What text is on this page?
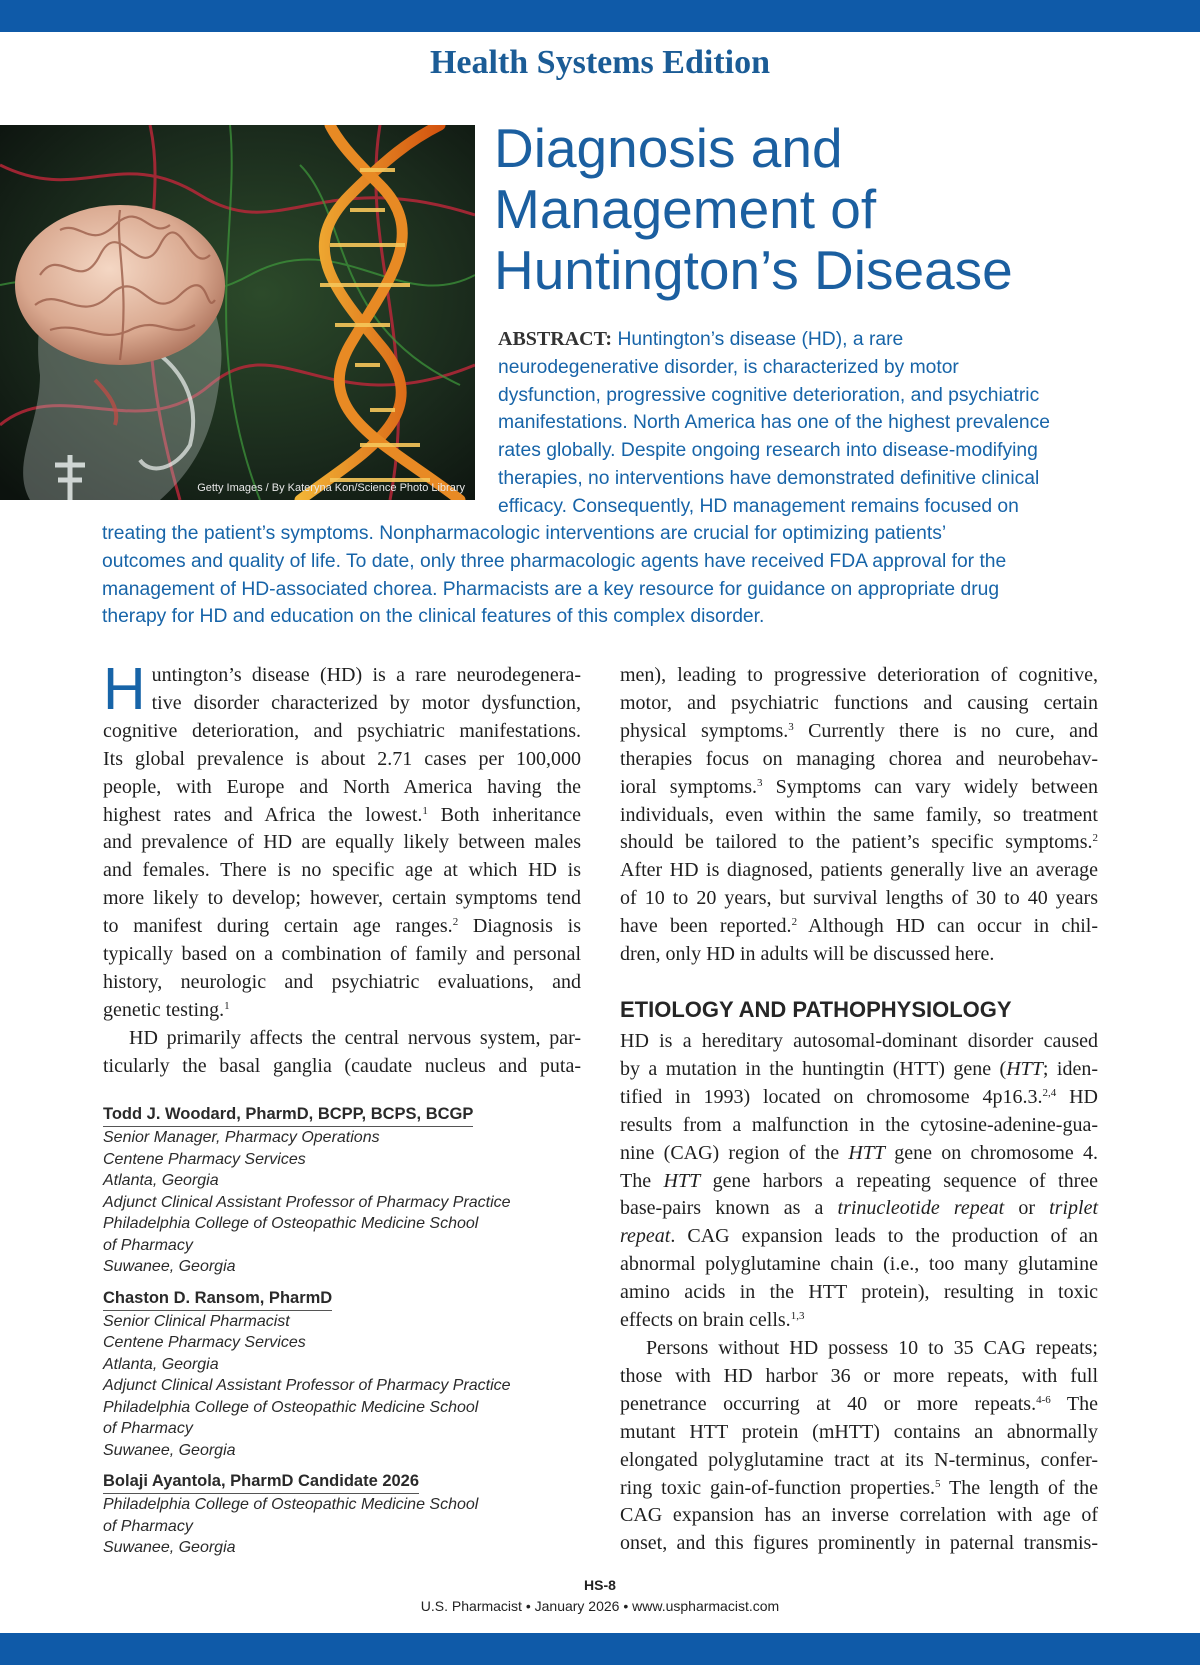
Health Systems Edition
Getty Images / By Kateryna Kon/Science Photo Library
Diagnosis and
Management of
Huntington’s Disease
ABSTRACT: Huntington’s disease (HD), a rare
neurodegenerative disorder, is characterized by motor
dysfunction, progressive cognitive deterioration, and psychiatric
manifestations. North America has one of the highest prevalence
rates globally. Despite ongoing research into disease-modifying
therapies, no interventions have demonstrated definitive clinical
efficacy. Consequently, HD management remains focused on
treating the patient’s symptoms. Nonpharmacologic interventions are crucial for optimizing patients’
outcomes and quality of life. To date, only three pharmacologic agents have received FDA approval for the
management of HD-associated chorea. Pharmacists are a key resource for guidance on appropriate drug
therapy for HD and education on the clinical features of this complex disorder.
H untington’s disease (HD) is a rare neurodegenera-
tive disorder characterized by motor dysfunction,
cognitive deterioration, and psychiatric manifestations.
Its global prevalence is about 2.71 cases per 100,000
people, with Europe and North America having the
highest rates and Africa the lowest.$^1$ Both inheritance
and prevalence of HD are equally likely between males
and females. There is no specific age at which HD is
more likely to develop; however, certain symptoms tend
to manifest during certain age ranges.$^2$ Diagnosis is
typically based on a combination of family and personal
history, neurologic and psychiatric evaluations, and
genetic testing.$^1$
HD primarily affects the central nervous system, par-
ticularly the basal ganglia (caudate nucleus and puta-
men), leading to progressive deterioration of cognitive,
motor, and psychiatric functions and causing certain
physical symptoms.$^3$ Currently there is no cure, and
therapies focus on managing chorea and neurobehav-
ioral symptoms.$^3$ Symptoms can vary widely between
individuals, even within the same family, so treatment
should be tailored to the patient’s specific symptoms.$^2$
After HD is diagnosed, patients generally live an average
of 10 to 20 years, but survival lengths of 30 to 40 years
have been reported.$^2$ Although HD can occur in chil-
dren, only HD in adults will be discussed here.
ETIOLOGY AND PATHOPHYSIOLOGY
HD is a hereditary autosomal-dominant disorder caused
by a mutation in the huntingtin (HTT) gene (HTT; iden-
tified in 1993) located on chromosome 4p16.3.$^{2,4}$ HD
results from a malfunction in the cytosine-adenine-gua-
nine (CAG) region of the HTT gene on chromosome 4.
The HTT gene harbors a repeating sequence of three
base-pairs known as a trinucleotide repeat or triplet
repeat. CAG expansion leads to the production of an
abnormal polyglutamine chain (i.e., too many glutamine
amino acids in the HTT protein), resulting in toxic
effects on brain cells.$^{1,3}$
Persons without HD possess 10 to 35 CAG repeats;
those with HD harbor 36 or more repeats, with full
penetrance occurring at 40 or more repeats.$^{4-6}$ The
mutant HTT protein (mHTT) contains an abnormally
elongated polyglutamine tract at its N-terminus, confer-
ring toxic gain-of-function properties.$^5$ The length of the
CAG expansion has an inverse correlation with age of
onset, and this figures prominently in paternal transmis-
Todd J. Woodard, PharmD, BCPP, BCPS, BCGP
Senior Manager, Pharmacy Operations
Centene Pharmacy Services
Atlanta, Georgia
Adjunct Clinical Assistant Professor of Pharmacy Practice
Philadelphia College of Osteopathic Medicine School
of Pharmacy
Suwanee, Georgia
Chaston D. Ransom, PharmD
Senior Clinical Pharmacist
Centene Pharmacy Services
Atlanta, Georgia
Adjunct Clinical Assistant Professor of Pharmacy Practice
Philadelphia College of Osteopathic Medicine School
of Pharmacy
Suwanee, Georgia
Bolaji Ayantola, PharmD Candidate 2026
Philadelphia College of Osteopathic Medicine School
of Pharmacy
Suwanee, Georgia
HS-8
U.S. Pharmacist • January 2026 • www.uspharmacist.com
